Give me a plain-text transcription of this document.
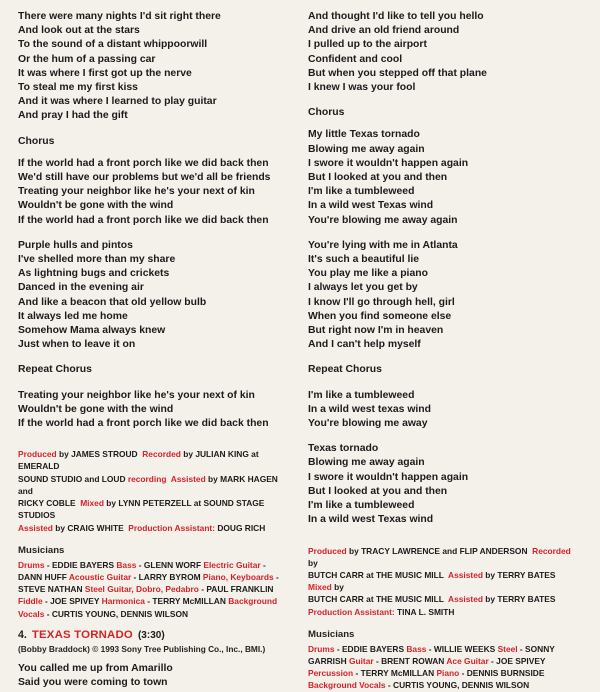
There were many nights I'd sit right there
And look out at the stars
To the sound of a distant whippoorwill
Or the hum of a passing car
It was where I first got up the nerve
To steal me my first kiss
And it was where I learned to play guitar
And pray I had the gift
Chorus
If the world had a front porch like we did back then
We'd still have our problems but we'd all be friends
Treating your neighbor like he's your next of kin
Wouldn't be gone with the wind
If the world had a front porch like we did back then
Purple hulls and pintos
I've shelled more than my share
As lightning bugs and crickets
Danced in the evening air
And like a beacon that old yellow bulb
It always led me home
Somehow Mama always knew
Just when to leave it on
Repeat Chorus
Treating your neighbor like he's your next of kin
Wouldn't be gone with the wind
If the world had a front porch like we did back then
Produced by JAMES STROUD  Recorded by JULIAN KING at EMERALD
SOUND STUDIO and LOUD recording  Assisted by MARK HAGEN and
RICKY COBLE  Mixed by LYNN PETERZELL at SOUND STAGE STUDIOS
Assisted by CRAIG WHITE  Production Assistant: DOUG RICH
Musicians
Drums - EDDIE BAYERS Bass - GLENN WORF Electric Guitar -
DANN HUFF Acoustic Guitar - LARRY BYROM Piano, Keyboards -
STEVE NATHAN Steel Guitar, Dobro, Pedabro - PAUL FRANKLIN
Fiddle - JOE SPIVEY Harmonica - TERRY McMILLAN Background
Vocals - CURTIS YOUNG, DENNIS WILSON
4. TEXAS TORNADO (3:30)
(Bobby Braddock) © 1993 Sony Tree Publishing Co., Inc., BMI.)
You called me up from Amarillo
Said you were coming to town
And thought I'd like to tell you hello
And drive an old friend around
I pulled up to the airport
Confident and cool
But when you stepped off that plane
I knew I was your fool
Chorus
My little Texas tornado
Blowing me away again
I swore it wouldn't happen again
But I looked at you and then
I'm like a tumbleweed
In a wild west Texas wind
You're blowing me away again
You're lying with me in Atlanta
It's such a beautiful lie
You play me like a piano
I always let you get by
I know I'll go through hell, girl
When you find someone else
But right now I'm in heaven
And I can't help myself
Repeat Chorus
I'm like a tumbleweed
In a wild west texas wind
You're blowing me away
Texas tornado
Blowing me away again
I swore it wouldn't happen again
But I looked at you and then
I'm like a tumbleweed
In a wild west Texas wind
Produced by TRACY LAWRENCE and FLIP ANDERSON  Recorded by
BUTCH CARR at THE MUSIC MILL  Assisted by TERRY BATES  Mixed by
BUTCH CARR at THE MUSIC MILL  Assisted by TERRY BATES
Production Assistant: TINA L. SMITH
Musicians
Drums - EDDIE BAYERS Bass - WILLIE WEEKS Steel - SONNY
GARRISH Guitar - BRENT ROWAN Ace Guitar - JOE SPIVEY
Percussion - TERRY McMILLAN Piano - DENNIS BURNSIDE
Background Vocals - CURTIS YOUNG, DENNIS WILSON
